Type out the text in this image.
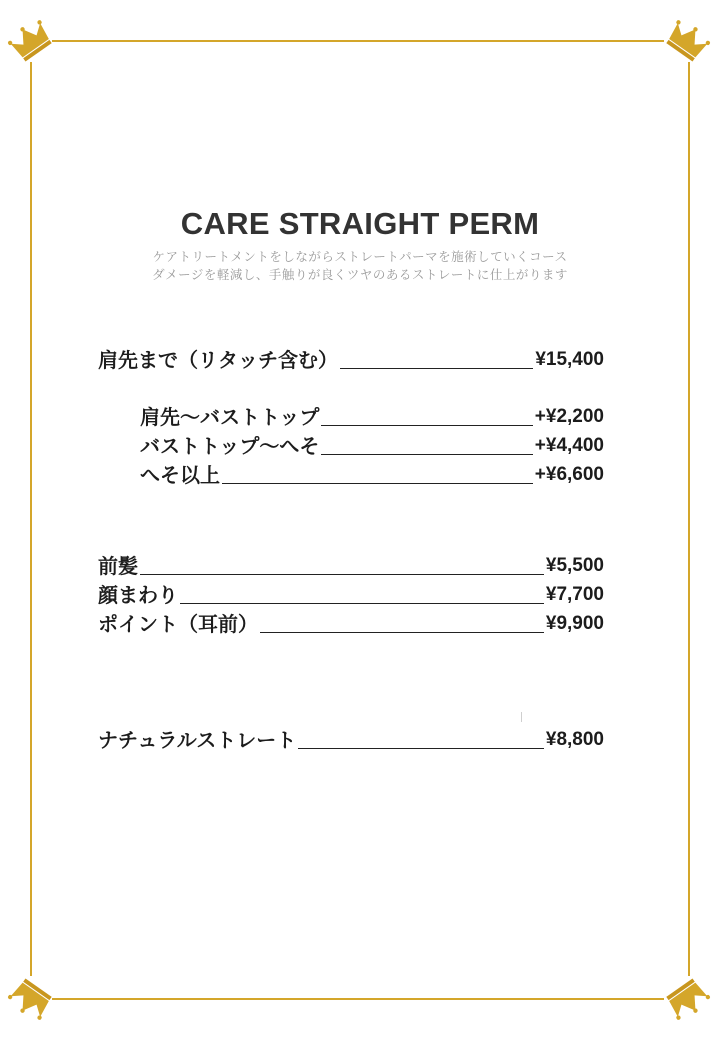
CARE STRAIGHT PERM
ケアトリートメントをしながらストレートパーマを施術していくコース
ダメージを軽減し、手触りが良くツヤのあるストレートに仕上がります
肩先まで（リタッチ含む）	¥15,400
肩先～バストトップ	+¥2,200
バストトップ～へそ	+¥4,400
へそ以上	+¥6,600
前髪	¥5,500
顔まわり	¥7,700
ポイント（耳前）	¥9,900
ナチュラルストレート	¥8,800
